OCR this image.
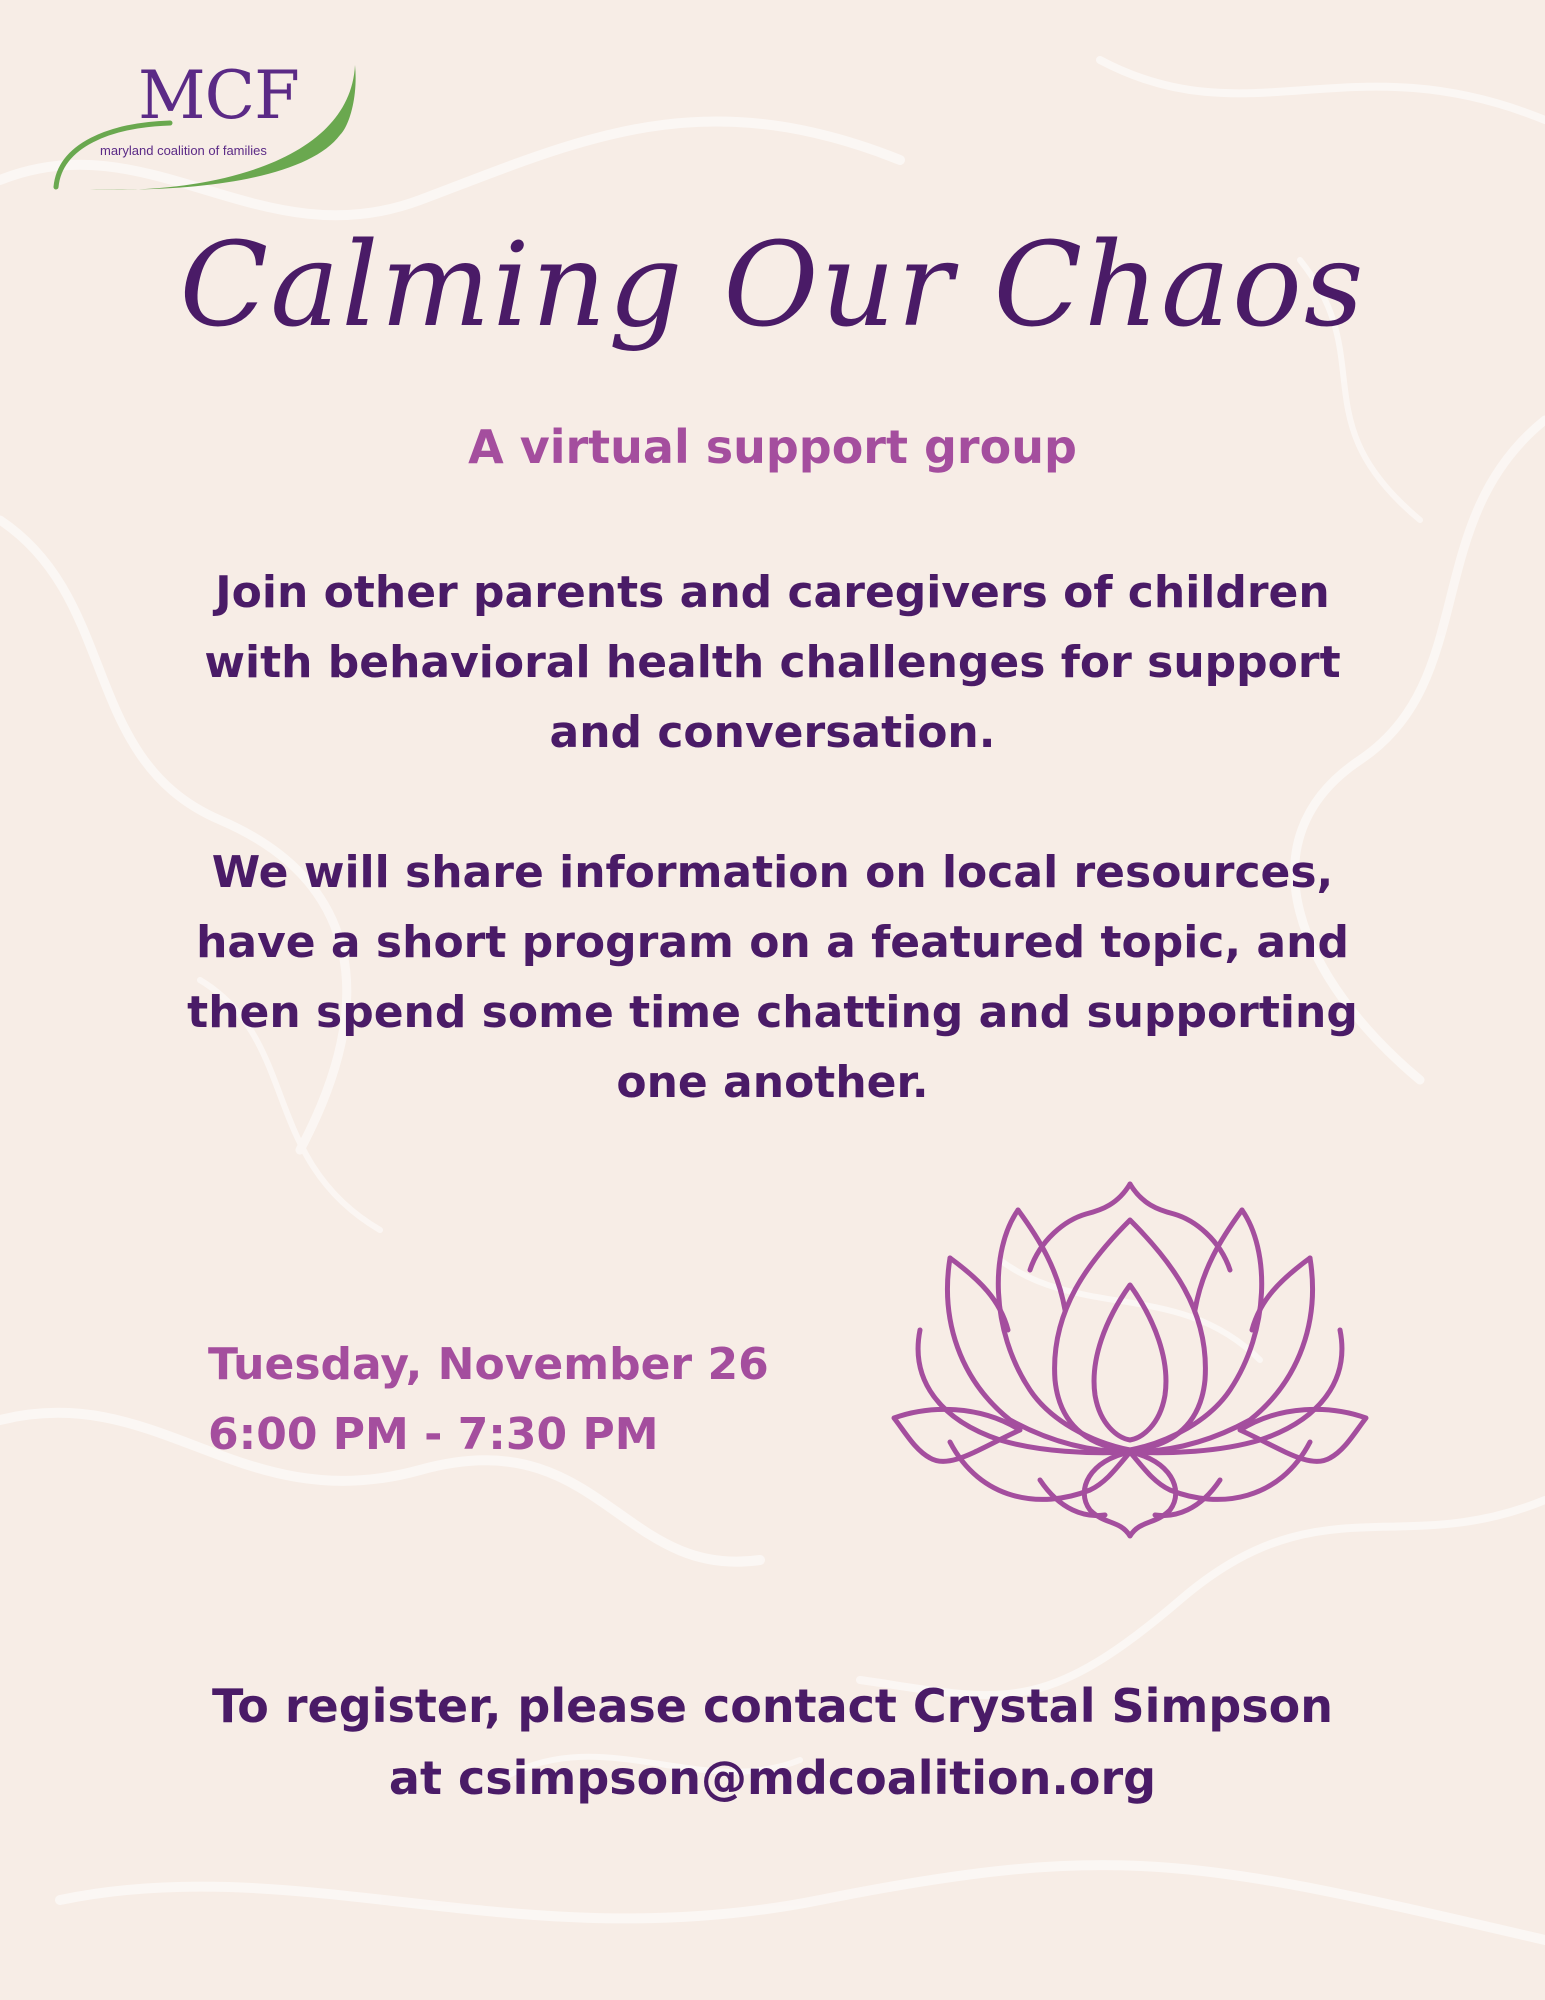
MCF
maryland coalition of families
Calming Our Chaos
A virtual support group
Join other parents and caregivers of children with behavioral health challenges for support and conversation.
We will share information on local resources, have a short program on a featured topic, and then spend some time chatting and supporting one another.
Tuesday, November 26
6:00 PM - 7:30 PM
To register, please contact Crystal Simpson
at csimpson@mdcoalition.org
